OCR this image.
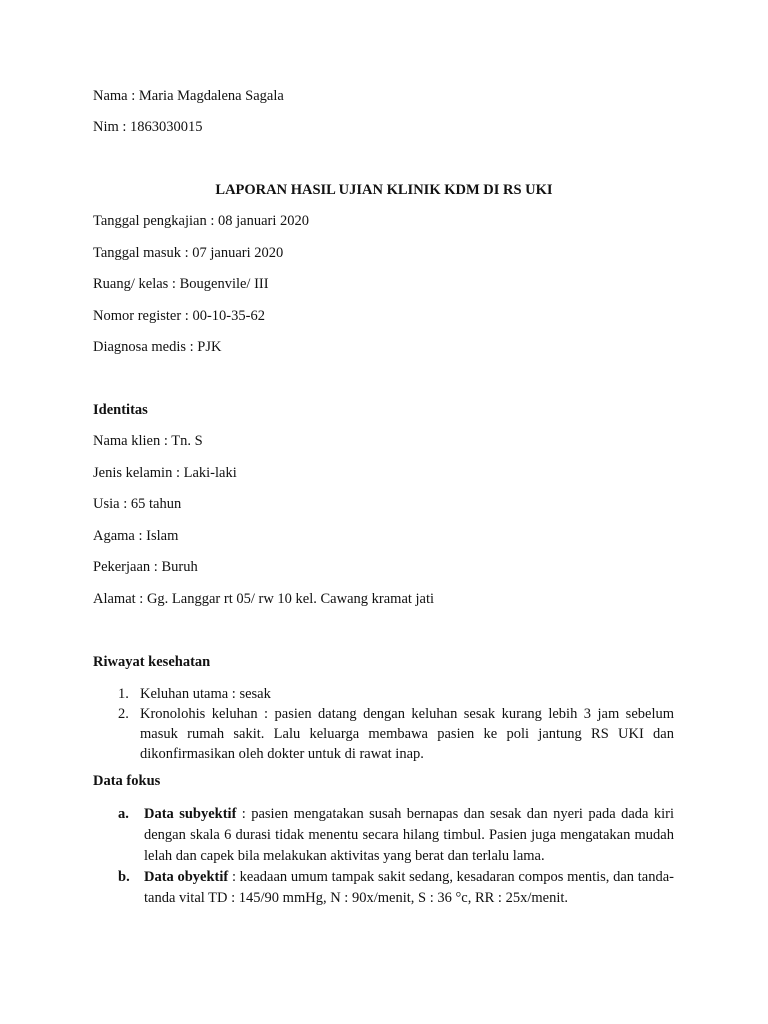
Nama : Maria Magdalena Sagala
Nim : 1863030015
LAPORAN HASIL UJIAN KLINIK KDM DI RS UKI
Tanggal pengkajian : 08 januari 2020
Tanggal masuk : 07 januari 2020
Ruang/ kelas : Bougenvile/ III
Nomor register : 00-10-35-62
Diagnosa medis : PJK
Identitas
Nama klien : Tn. S
Jenis kelamin : Laki-laki
Usia : 65 tahun
Agama : Islam
Pekerjaan : Buruh
Alamat : Gg. Langgar rt 05/ rw 10 kel. Cawang kramat jati
Riwayat kesehatan
1. Keluhan utama : sesak
2. Kronolohis keluhan : pasien datang dengan keluhan sesak kurang lebih 3 jam sebelum masuk rumah sakit. Lalu keluarga membawa pasien ke poli jantung RS UKI dan dikonfirmasikan oleh dokter untuk di rawat inap.
Data fokus
a. Data subyektif : pasien mengatakan susah bernapas dan sesak dan nyeri pada dada kiri dengan skala 6 durasi tidak menentu secara hilang timbul. Pasien juga mengatakan mudah lelah dan capek bila melakukan aktivitas yang berat dan terlalu lama.
b. Data obyektif : keadaan umum tampak sakit sedang, kesadaran compos mentis, dan tanda-tanda vital TD : 145/90 mmHg, N : 90x/menit, S : 36 °c, RR : 25x/menit.
